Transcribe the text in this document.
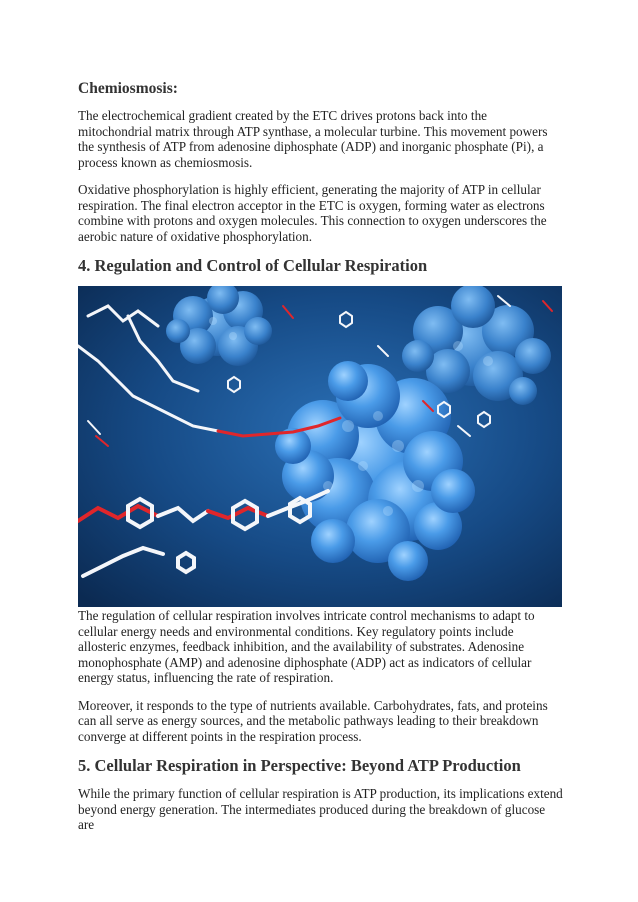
Chemiosmosis:

The electrochemical gradient created by the ETC drives protons back into the mitochondrial matrix through ATP synthase, a molecular turbine. This movement powers the synthesis of ATP from adenosine diphosphate (ADP) and inorganic phosphate (Pi), a process known as chemiosmosis.

Oxidative phosphorylation is highly efficient, generating the majority of ATP in cellular respiration. The final electron acceptor in the ETC is oxygen, forming water as electrons combine with protons and oxygen molecules. This connection to oxygen underscores the aerobic nature of oxidative phosphorylation.

4. Regulation and Control of Cellular Respiration

The regulation of cellular respiration involves intricate control mechanisms to adapt to cellular energy needs and environmental conditions. Key regulatory points include allosteric enzymes, feedback inhibition, and the availability of substrates. Adenosine monophosphate (AMP) and adenosine diphosphate (ADP) act as indicators of cellular energy status, influencing the rate of respiration.

Moreover, it responds to the type of nutrients available. Carbohydrates, fats, and proteins can all serve as energy sources, and the metabolic pathways leading to their breakdown converge at different points in the respiration process.

5. Cellular Respiration in Perspective: Beyond ATP Production

While the primary function of cellular respiration is ATP production, its implications extend beyond energy generation. The intermediates produced during the breakdown of glucose are
